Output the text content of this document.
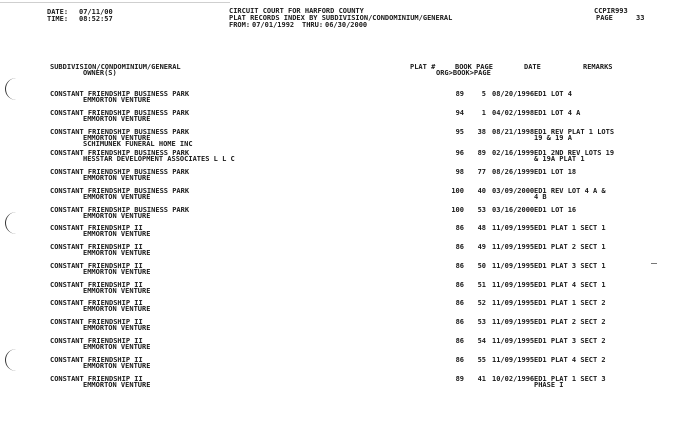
DATE: 07/11/00
TIME: 08:52:57
CIRCUIT COURT FOR HARFORD COUNTY
PLAT RECORDS INDEX BY SUBDIVISION/CONDOMINIUM/GENERAL
FROM: 07/01/1992 THRU: 06/30/2000
CCPIR993
PAGE	33
SUBDIVISION/CONDOMINIUM/GENERAL
OWNER(S)
PLAT #	BOOK PAGE
ORG>BOOK>PAGE
DATE	REMARKS
CONSTANT FRIENDSHIP BUSINESS PARK
EMMORTON VENTURE
89	5 08/20/1996 ED1 LOT 4
CONSTANT FRIENDSHIP BUSINESS PARK
EMMORTON VENTURE
94	1 04/02/1998 ED1 LOT 4 A
CONSTANT FRIENDSHIP BUSINESS PARK
EMMORTON VENTURE
SCHIMUNEK FUNERAL HOME INC
95	38 08/21/1998 ED1 REV PLAT 1 LOTS
19 & 19 A
CONSTANT FRIENDSHIP BUSINESS PARK
HESSTAR DEVELOPMENT ASSOCIATES L L C
96	89 02/16/1999 ED1 2ND REV LOTS 19
& 19A PLAT 1
CONSTANT FRIENDSHIP BUSINESS PARK
EMMORTON VENTURE
98	77 08/26/1999 ED1 LOT 18
CONSTANT FRIENDSHIP BUSINESS PARK
EMMORTON VENTURE
100	40 03/09/2000 ED1 REV LOT 4 A &
4 B
CONSTANT FRIENDSHIP BUSINESS PARK
EMMORTON VENTURE
100	53 03/16/2000 ED1 LOT 16
CONSTANT FRIENDSHIP II
EMMORTON VENTURE
86	48 11/09/1995 ED1 PLAT 1 SECT 1
CONSTANT FRIENDSHIP II
EMMORTON VENTURE
86	49 11/09/1995 ED1 PLAT 2 SECT 1
CONSTANT FRIENDSHIP II
EMMORTON VENTURE
86	50 11/09/1995 ED1 PLAT 3 SECT 1
CONSTANT FRIENDSHIP II
EMMORTON VENTURE
86	51 11/09/1995 ED1 PLAT 4 SECT 1
CONSTANT FRIENDSHIP II
EMMORTON VENTURE
86	52 11/09/1995 ED1 PLAT 1 SECT 2
CONSTANT FRIENDSHIP II
EMMORTON VENTURE
86	53 11/09/1995 ED1 PLAT 2 SECT 2
CONSTANT FRIENDSHIP II
EMMORTON VENTURE
86	54 11/09/1995 ED1 PLAT 3 SECT 2
CONSTANT FRIENDSHIP II
EMMORTON VENTURE
86	55 11/09/1995 ED1 PLAT 4 SECT 2
CONSTANT FRIENDSHIP II
EMMORTON VENTURE
89	41 10/02/1996 ED1 PLAT 1 SECT 3
PHASE I
